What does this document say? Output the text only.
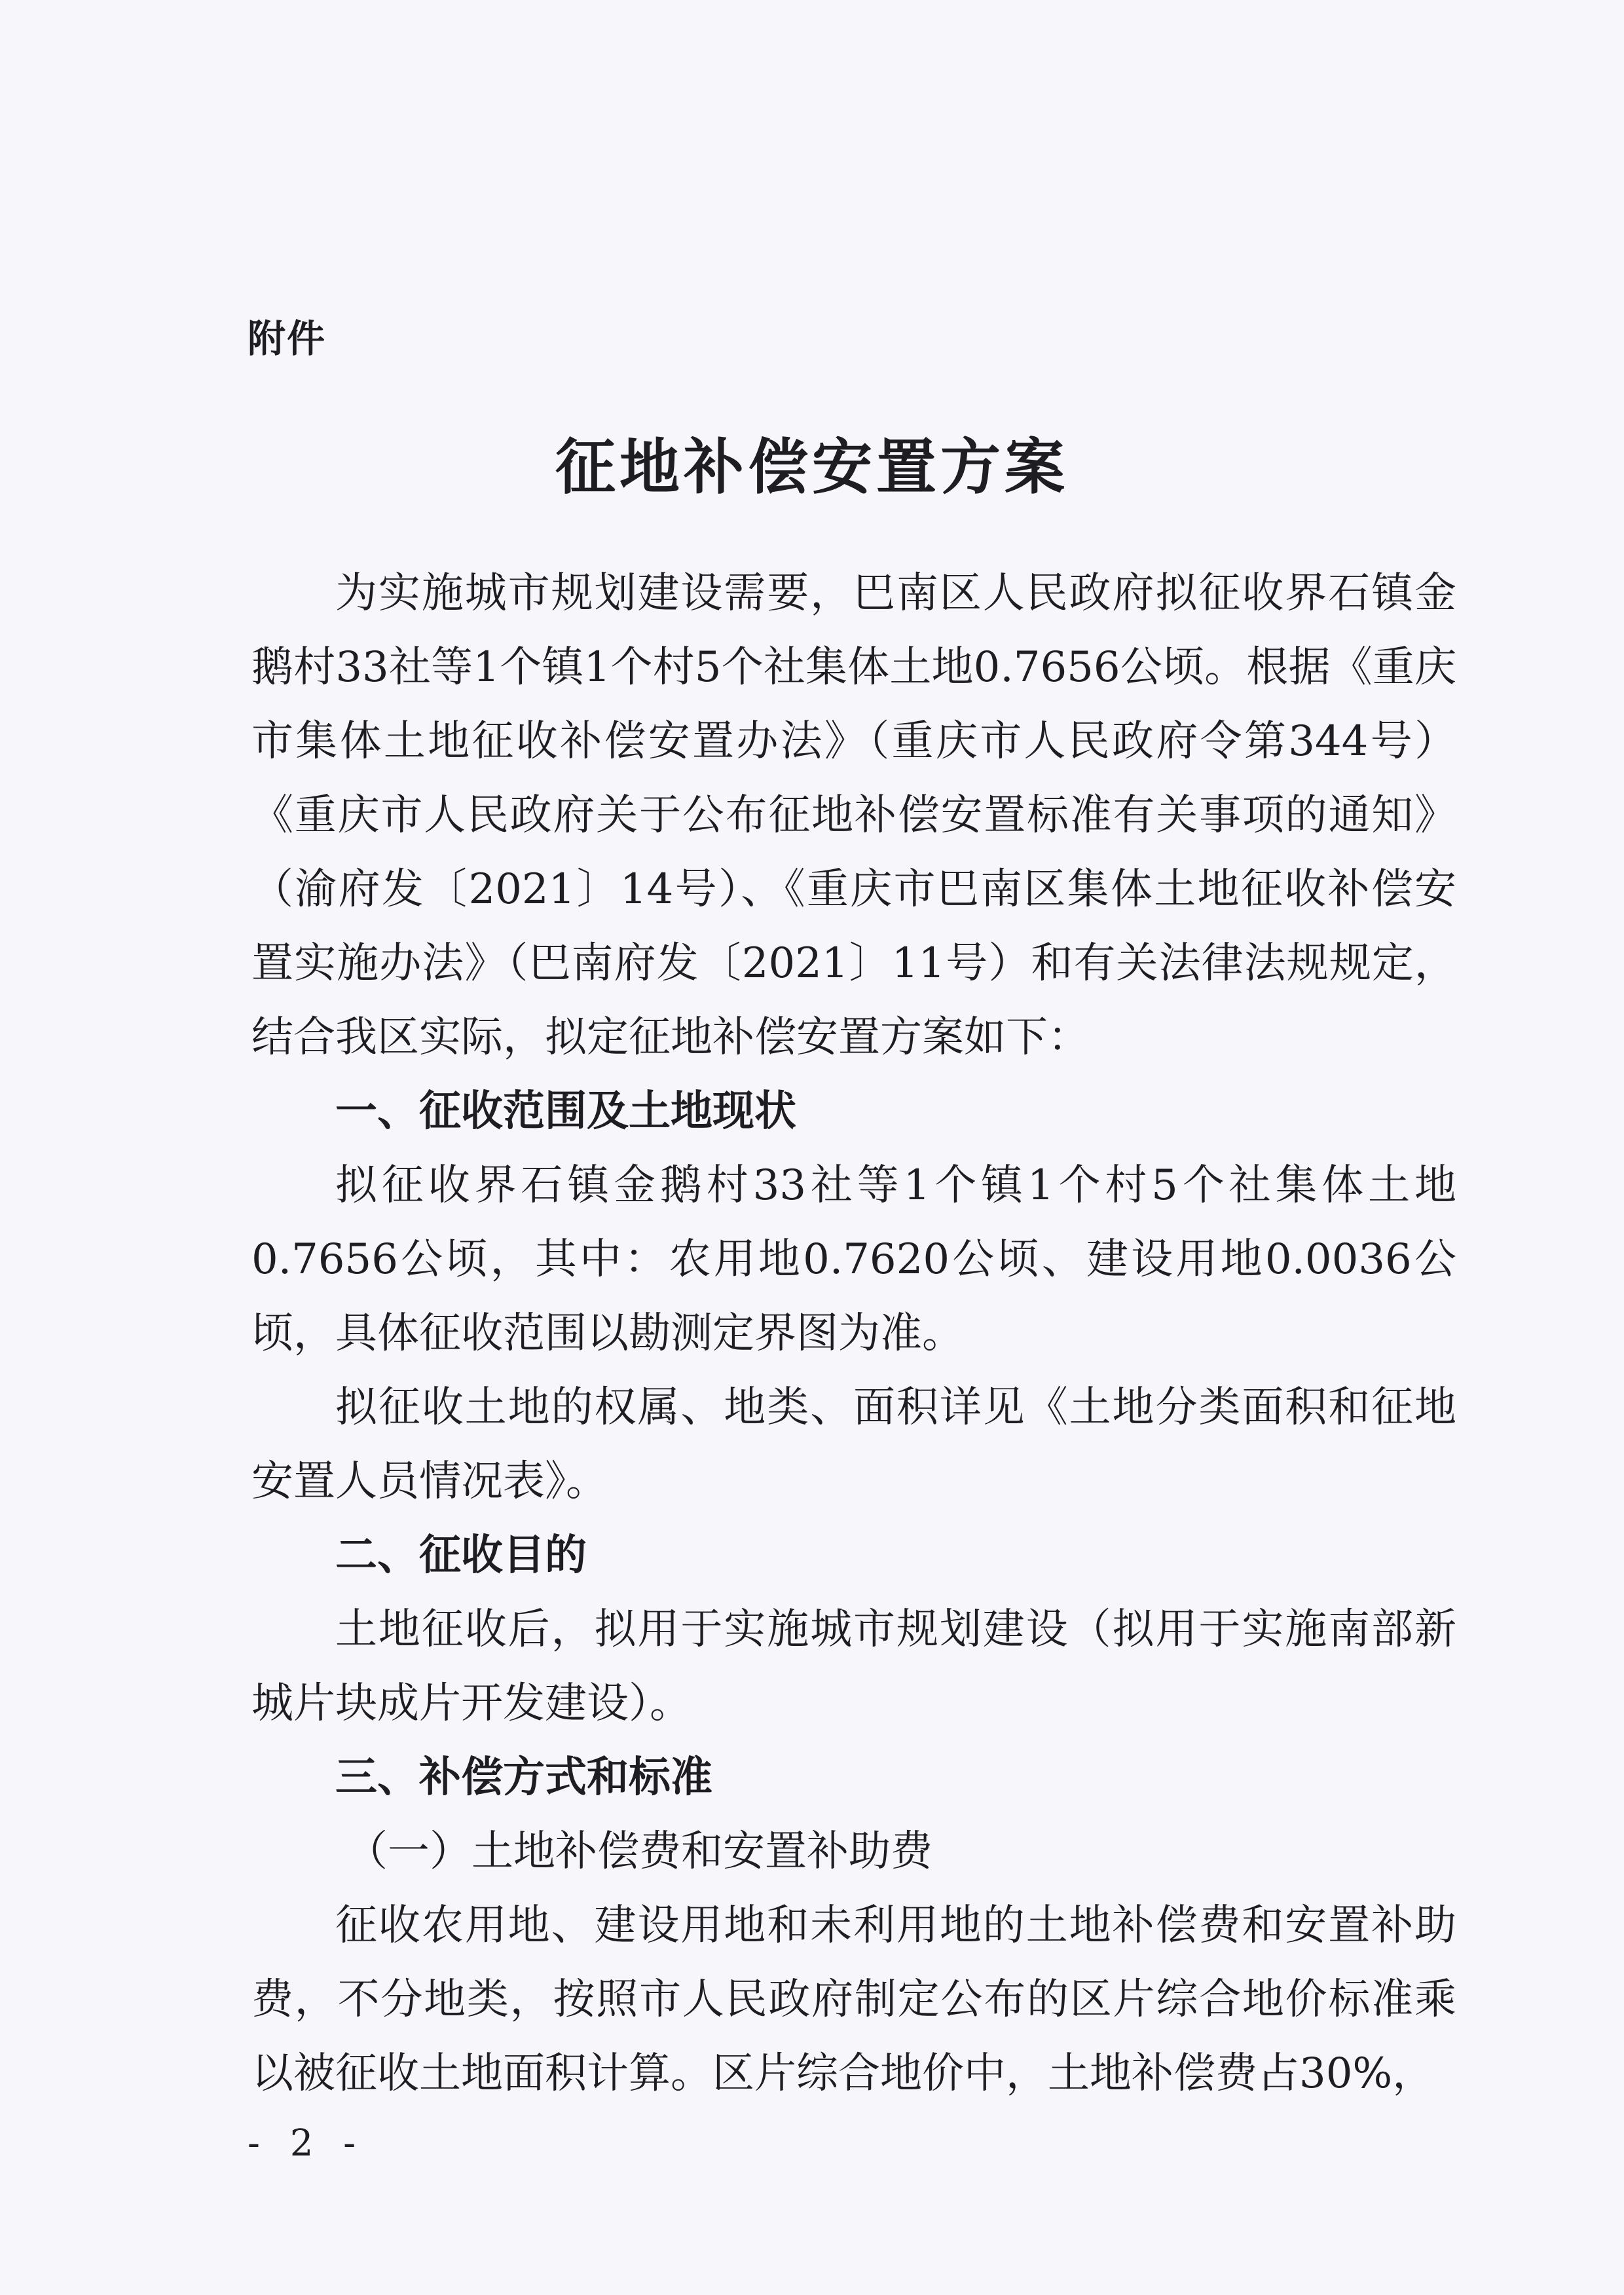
附件
征地补偿安置方案

为实施城市规划建设需要，巴南区人民政府拟征收界石镇金鹅村33社等1个镇1个村5个社集体土地0.7656公顷。根据《重庆市集体土地征收补偿安置办法》（重庆市人民政府令第344号）《重庆市人民政府关于公布征地补偿安置标准有关事项的通知》（渝府发〔2021〕14号）、《重庆市巴南区集体土地征收补偿安置实施办法》（巴南府发〔2021〕11号）和有关法律法规规定，结合我区实际，拟定征地补偿安置方案如下：

一、征收范围及土地现状

拟征收界石镇金鹅村33社等1个镇1个村5个社集体土地0.7656公顷，其中：农用地0.7620公顷、建设用地0.0036公顷，具体征收范围以勘测定界图为准。

拟征收土地的权属、地类、面积详见《土地分类面积和征地安置人员情况表》。

二、征收目的

土地征收后，拟用于实施城市规划建设（拟用于实施南部新城片块成片开发建设）。

三、补偿方式和标准

（一）土地补偿费和安置补助费

征收农用地、建设用地和未利用地的土地补偿费和安置补助费，不分地类，按照市人民政府制定公布的区片综合地价标准乘以被征收土地面积计算。区片综合地价中，土地补偿费占30%，

- 2 -
